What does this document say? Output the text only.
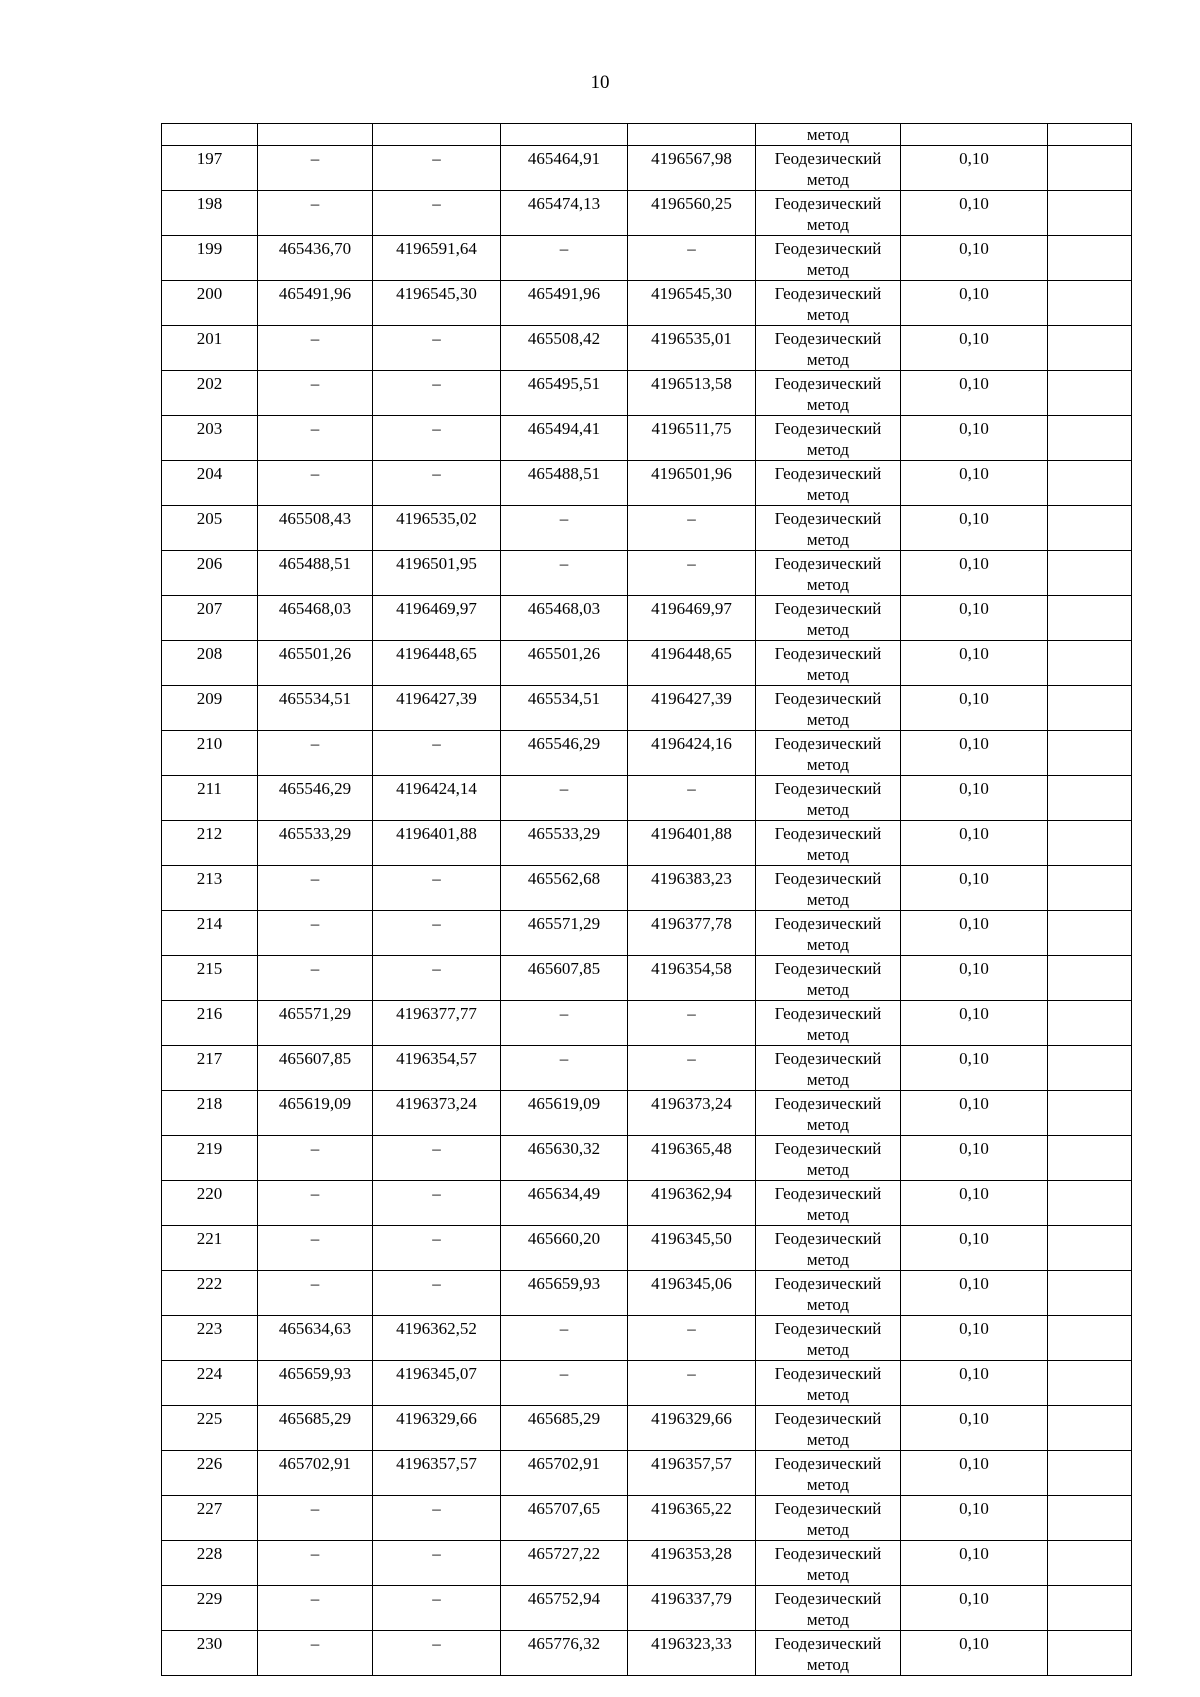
10
					метод		
197	–	–	465464,91	4196567,98	Геодезический
метод	0,10	
198	–	–	465474,13	4196560,25	Геодезический
метод	0,10	
199	465436,70	4196591,64	–	–	Геодезический
метод	0,10	
200	465491,96	4196545,30	465491,96	4196545,30	Геодезический
метод	0,10	
201	–	–	465508,42	4196535,01	Геодезический
метод	0,10	
202	–	–	465495,51	4196513,58	Геодезический
метод	0,10	
203	–	–	465494,41	4196511,75	Геодезический
метод	0,10	
204	–	–	465488,51	4196501,96	Геодезический
метод	0,10	
205	465508,43	4196535,02	–	–	Геодезический
метод	0,10	
206	465488,51	4196501,95	–	–	Геодезический
метод	0,10	
207	465468,03	4196469,97	465468,03	4196469,97	Геодезический
метод	0,10	
208	465501,26	4196448,65	465501,26	4196448,65	Геодезический
метод	0,10	
209	465534,51	4196427,39	465534,51	4196427,39	Геодезический
метод	0,10	
210	–	–	465546,29	4196424,16	Геодезический
метод	0,10	
211	465546,29	4196424,14	–	–	Геодезический
метод	0,10	
212	465533,29	4196401,88	465533,29	4196401,88	Геодезический
метод	0,10	
213	–	–	465562,68	4196383,23	Геодезический
метод	0,10	
214	–	–	465571,29	4196377,78	Геодезический
метод	0,10	
215	–	–	465607,85	4196354,58	Геодезический
метод	0,10	
216	465571,29	4196377,77	–	–	Геодезический
метод	0,10	
217	465607,85	4196354,57	–	–	Геодезический
метод	0,10	
218	465619,09	4196373,24	465619,09	4196373,24	Геодезический
метод	0,10	
219	–	–	465630,32	4196365,48	Геодезический
метод	0,10	
220	–	–	465634,49	4196362,94	Геодезический
метод	0,10	
221	–	–	465660,20	4196345,50	Геодезический
метод	0,10	
222	–	–	465659,93	4196345,06	Геодезический
метод	0,10	
223	465634,63	4196362,52	–	–	Геодезический
метод	0,10	
224	465659,93	4196345,07	–	–	Геодезический
метод	0,10	
225	465685,29	4196329,66	465685,29	4196329,66	Геодезический
метод	0,10	
226	465702,91	4196357,57	465702,91	4196357,57	Геодезический
метод	0,10	
227	–	–	465707,65	4196365,22	Геодезический
метод	0,10	
228	–	–	465727,22	4196353,28	Геодезический
метод	0,10	
229	–	–	465752,94	4196337,79	Геодезический
метод	0,10	
230	–	–	465776,32	4196323,33	Геодезический
метод	0,10	
